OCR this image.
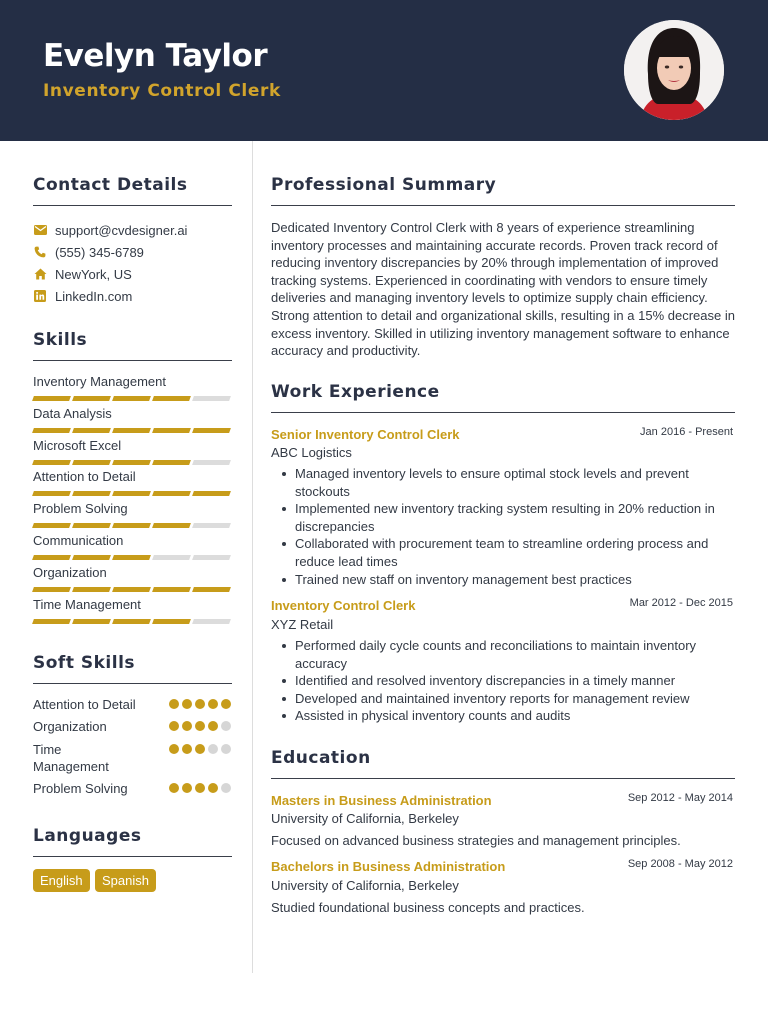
Evelyn Taylor
Inventory Control Clerk
Contact Details
support@cvdesigner.ai
(555) 345-6789
NewYork, US
LinkedIn.com
Skills
Inventory Management
Data Analysis
Microsoft Excel
Attention to Detail
Problem Solving
Communication
Organization
Time Management
Soft Skills
Attention to Detail
Organization
Time Management
Problem Solving
Languages
English	Spanish
Professional Summary
Dedicated Inventory Control Clerk with 8 years of experience streamlining inventory processes and maintaining accurate records. Proven track record of reducing inventory discrepancies by 20% through implementation of improved tracking systems. Experienced in coordinating with vendors to ensure timely deliveries and managing inventory levels to optimize supply chain efficiency. Strong attention to detail and organizational skills, resulting in a 15% decrease in excess inventory. Skilled in utilizing inventory management software to enhance accuracy and productivity.
Work Experience
Senior Inventory Control Clerk	Jan 2016 - Present
ABC Logistics
Managed inventory levels to ensure optimal stock levels and prevent stockouts
Implemented new inventory tracking system resulting in 20% reduction in discrepancies
Collaborated with procurement team to streamline ordering process and reduce lead times
Trained new staff on inventory management best practices
Inventory Control Clerk	Mar 2012 - Dec 2015
XYZ Retail
Performed daily cycle counts and reconciliations to maintain inventory accuracy
Identified and resolved inventory discrepancies in a timely manner
Developed and maintained inventory reports for management review
Assisted in physical inventory counts and audits
Education
Masters in Business Administration	Sep 2012 - May 2014
University of California, Berkeley
Focused on advanced business strategies and management principles.
Bachelors in Business Administration	Sep 2008 - May 2012
University of California, Berkeley
Studied foundational business concepts and practices.
